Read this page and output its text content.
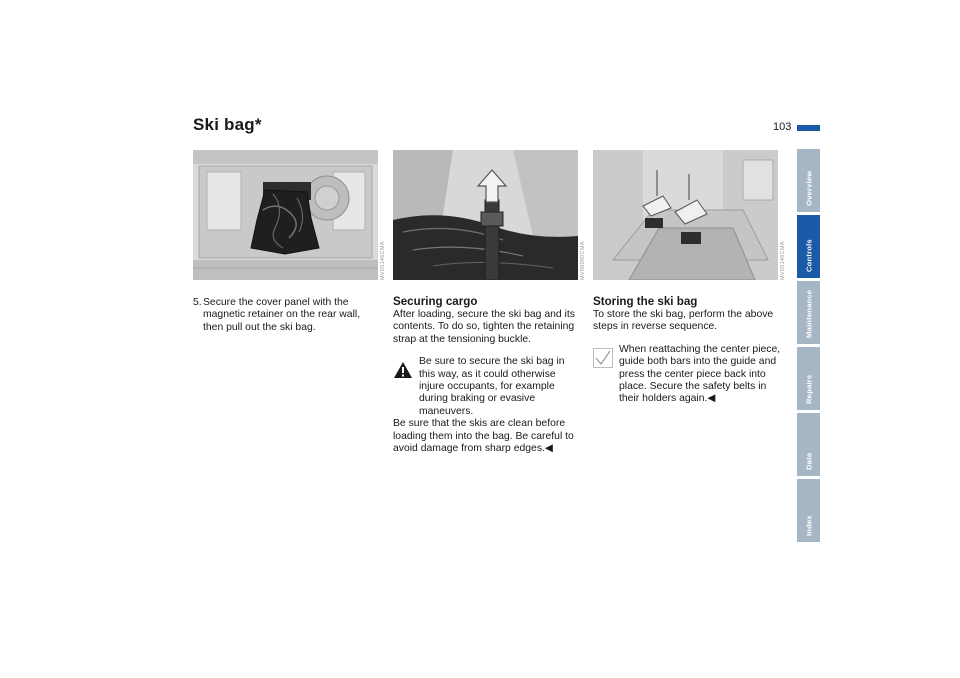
Ski bag*	103
MV05146CMA	MV06090CMA	MV05148CMA
5. Secure the cover panel with the magnetic retainer on the rear wall, then pull out the ski bag.
Securing cargo
After loading, secure the ski bag and its contents. To do so, tighten the retaining strap at the tensioning buckle.
Be sure to secure the ski bag in this way, as it could otherwise injure occupants, for example during braking or evasive maneuvers.
Be sure that the skis are clean before loading them into the bag. Be careful to avoid damage from sharp edges.◀
Storing the ski bag
To store the ski bag, perform the above steps in reverse sequence.
When reattaching the center piece, guide both bars into the guide and press the center piece back into place. Secure the safety belts in their holders again.◀
Overview
Controls
Maintenance
Repairs
Data
Index
